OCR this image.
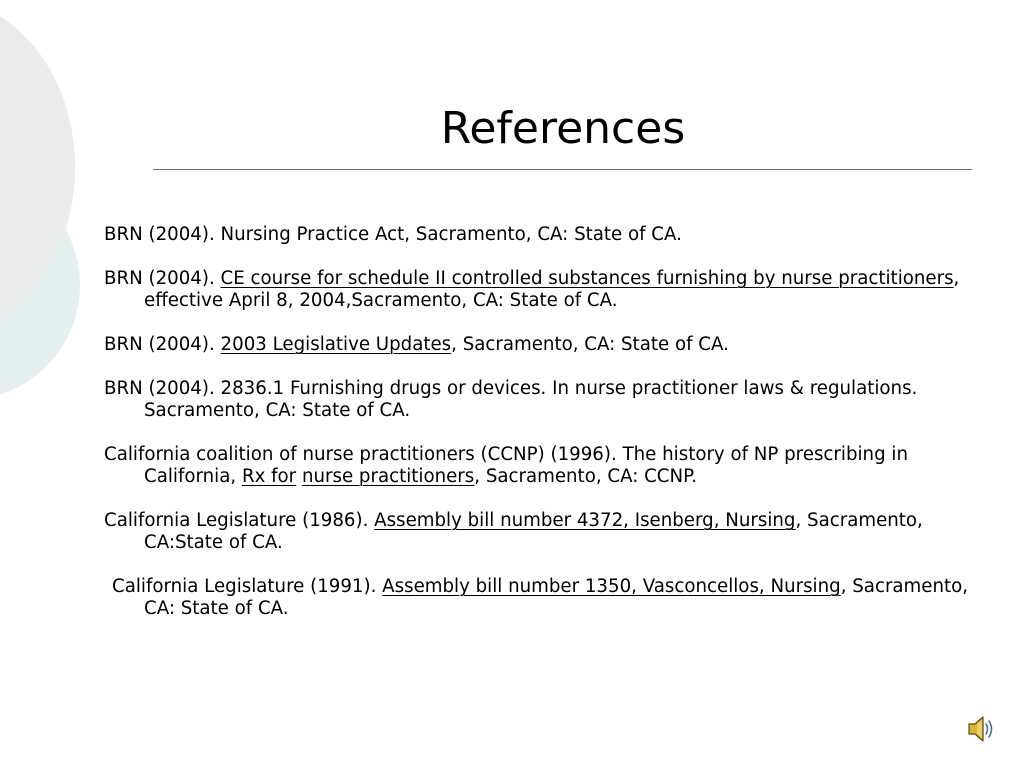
References

BRN (2004). Nursing Practice Act, Sacramento, CA: State of CA.

BRN (2004). CE course for schedule II controlled substances furnishing by nurse practitioners, effective April 8, 2004,Sacramento, CA: State of CA.

BRN (2004). 2003 Legislative Updates, Sacramento, CA: State of CA.

BRN (2004). 2836.1 Furnishing drugs or devices. In nurse practitioner laws & regulations. Sacramento, CA: State of CA.

California coalition of nurse practitioners (CCNP) (1996). The history of NP prescribing in California, Rx for nurse practitioners, Sacramento, CA: CCNP.

California Legislature (1986). Assembly bill number 4372, Isenberg, Nursing, Sacramento, CA:State of CA.

California Legislature (1991). Assembly bill number 1350, Vasconcellos, Nursing, Sacramento, CA: State of CA.
